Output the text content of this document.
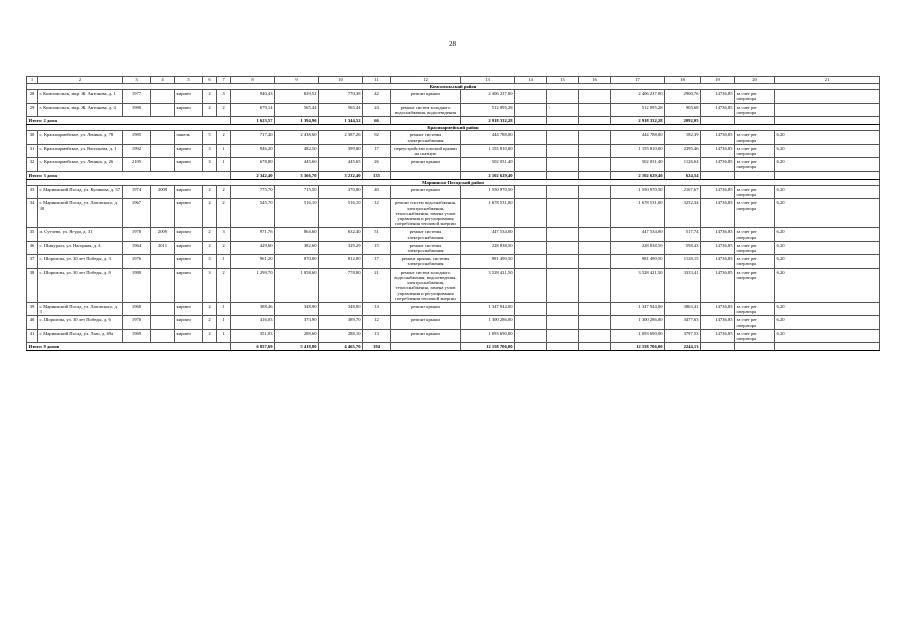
28
1	2	3	4	5	6	7	8	9	10	11	12	13	14	15	16	17	18	19	20	21
Комсомольский район																				
28	г. Комсомольск, мкр. Ж. Антонова, д. 1	1977		кирпич	2	3	940,43	829,52	770,38	42	ремонт крыши	2 406 237,00				2 406 237,00	2900,76	14736,85	за счет рег оператора	
29	г. Комсомольск, мкр. Ж. Антонова, д. 4	1980		кирпич	2	2	679,14	565,44	565,44	24	ремонт систем холодного водоснабжения, водоотведения	512 095,28		\		512 095,28	905,68	14736,85	за счет рег оператора	
Итого: 2 дома							1 623,57	1 394,96	1 344,52	66		2 918 332,28				2 918 332,28	2092,05			
Красноармейский район																				
30	с. Красноармейское, ул. Ленина, д. 78	1985		панель	5	2	717,40	2 438,60	2 387,26	92	ремонт системы электроснабжения	444 788,00				444 788,00	182,39	14736,85	за счет рег оператора	6,20
31	с. Красноармейское, ул. Васильева, д. 1	1992		кирпич	3	1	946,20	482,50	399,80	17	переустройство плоской крыши на скатную	1 155 810,00				1 155 810,00	2395,46	14736,85	за счет рег оператора	6,20
32	с. Красноармейское, ул. Ленина, д. 26	2105		кирпич	3	1	678,80	445,60	445,65	26	ремонт крыши	502 031,40				502 031,40	1126,64	14736,85	за счет рег оператора	6,20
Итого: 3 дома							2 342,40	3 366,70	3 232,40	135		2 102 629,40				2 102 629,40	624,54			
Мариинско-Посадский район																				
33	г. Мариинский Посад, ул. Куликова, д. 37	1974	2009	кирпич	2	2	775,70	715,50	370,80	40	ремонт крыши	1 550 970,50				1 550 970,50	2167,67	14736,85	за счет рег оператора	6,20
34	г. Мариинский Посад, ул. Лазовского, д. 30	1967		кирпич	2	2	545,70	516,10	516,10	12	ремонт систем водоснабжения, электроснабжения, теплоснабжения, замена узлов управления и регулирования потребления тепловой энергии	1 678 531,00				1 678 531,00	3252,34	14736,85	за счет рег оператора	6,20
35	п. Сутчево, ул. Ягура, д. 31	1978	2009	кирпич	2	3	971,76	864,60	632,40	51	ремонт системы электроснабжения	447 534,00				447 534,00	517,74	14736,85	за счет рег оператора	6,20
36	с. Шинуралт, ул. Нагорная, д. 4	1964	2011	кирпич	2	2	429,60	382,60	329,29	15	ремонт системы электроснабжения	228 838,50				228 838,50	598,43	14736,85	за счет рег оператора	6,20
37	с. Шоршелы, ул. 30 лет Победы, д. 3	1976		кирпич	3	1	961,20	870,00	812,00	17	ремонт крыши, системы электроснабжения	981 490,50				981 490,50	1128,15	14736,85	за счет рег оператора	6,20
38	с. Шоршелы, ул. 30 лет Победы, д. 8	1980		кирпич	3	2	1 299,70	1 058,60	778,80	21	ремонт систем холодного водоснабжения, водоотведения, электроснабжения, теплоснабжения, замена узлов управления и регулирования потребления тепловой энергии	3 528 421,50				3 528 421,50	3333,41	14736,85	за счет рег оператора	6,20
39	г. Мариинский Посад, ул. Лазовского, д. 3	1968		кирпич	2	1	388,46	348,90	348,90	14	ремонт крыши	1 347 944,00				1 347 944,00	3863,41	14736,85	за счет рег оператора	6,20
40	с. Шоршелы, ул. 30 лет Победы, д. 6	1970		кирпич	2	1	416,03	373,90	389,70	12	ремонт крыши	1 300 286,00				1 300 286,00	3477,63	14736,85	за счет рег оператора	6,20
41	г. Мариинский Посад, ул. Лазо, д. 69а	1969		кирпич	2	1	351,03	288,60	288,10	13	ремонт крыши	1 093 690,00				1 093 690,00	3797,53	14736,85	за счет рег оператора	6,20
Итого: 9 домов							6 057,69	5 418,80	4 465,70	194		12 158 706,00				12 158 706,00	2244,13			
